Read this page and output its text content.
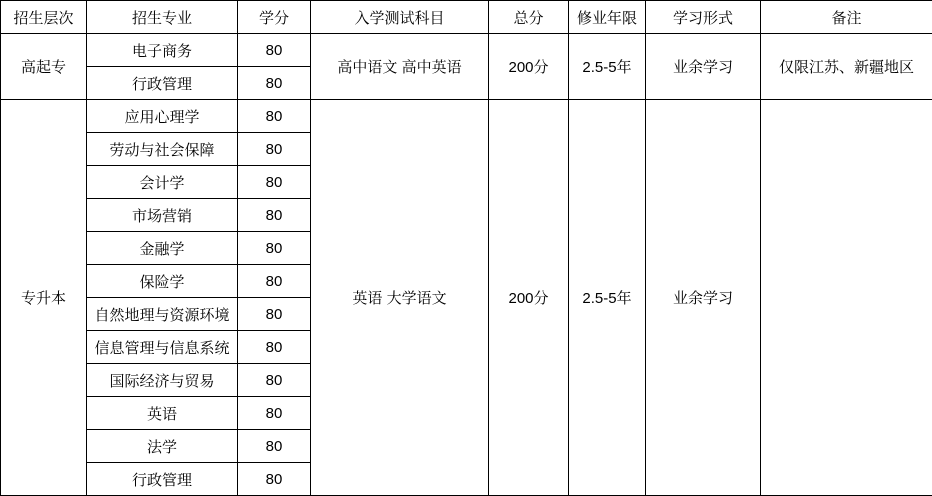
招生层次	招生专业	学分	入学测试科目	总分	修业年限	学习形式	备注
高起专	电子商务	80	高中语文 高中英语	200分	2.5-5年	业余学习	仅限江苏、新疆地区
	行政管理	80					
专升本	应用心理学	80	英语 大学语文	200分	2.5-5年	业余学习	
	劳动与社会保障	80					
	会计学	80					
	市场营销	80					
	金融学	80					
	保险学	80					
	自然地理与资源环境	80					
	信息管理与信息系统	80					
	国际经济与贸易	80					
	英语	80					
	法学	80					
	行政管理	80					
